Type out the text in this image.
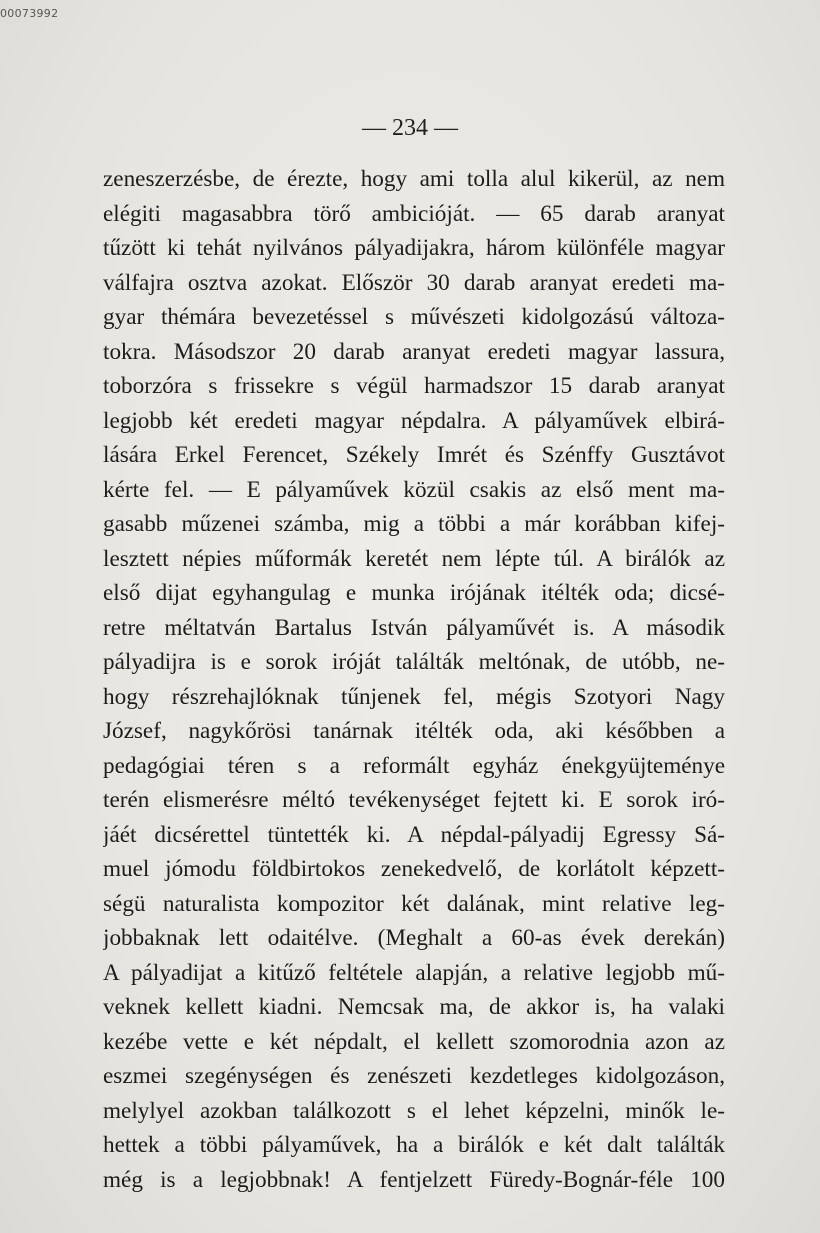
00073992
— 234 —
zeneszerzésbe, de érezte, hogy ami tolla alul kikerül, az nem
elégiti magasabbra törő ambicióját. — 65 darab aranyat
tűzött ki tehát nyilvános pályadijakra, három különféle magyar
válfajra osztva azokat. Először 30 darab aranyat eredeti ma-
gyar thémára bevezetéssel s művészeti kidolgozású változa-
tokra. Másodszor 20 darab aranyat eredeti magyar lassura,
toborzóra s frissekre s végül harmadszor 15 darab aranyat
legjobb két eredeti magyar népdalra. A pályaművek elbirá-
lására Erkel Ferencet, Székely Imrét és Szénffy Gusztávot
kérte fel. — E pályaművek közül csakis az első ment ma-
gasabb műzenei számba, mig a többi a már korábban kifej-
lesztett népies műformák keretét nem lépte túl. A birálók az
első dijat egyhangulag e munka irójának itélték oda; dicsé-
retre méltatván Bartalus István pályaművét is. A második
pályadijra is e sorok iróját találták meltónak, de utóbb, ne-
hogy részrehajlóknak tűnjenek fel, mégis Szotyori Nagy
József, nagykőrösi tanárnak itélték oda, aki későbben a
pedagógiai téren s a reformált egyház énekgyüjteménye
terén elismerésre méltó tevékenységet fejtett ki. E sorok iró-
jáét dicsérettel tüntették ki. A népdal-pályadij Egressy Sá-
muel jómodu földbirtokos zenekedvelő, de korlátolt képzett-
ségü naturalista kompozitor két dalának, mint relative leg-
jobbaknak lett odaitélve. (Meghalt a 60-as évek derekán)
A pályadijat a kitűző feltétele alapján, a relative legjobb mű-
veknek kellett kiadni. Nemcsak ma, de akkor is, ha valaki
kezébe vette e két népdalt, el kellett szomorodnia azon az
eszmei szegénységen és zenészeti kezdetleges kidolgozáson,
melylyel azokban találkozott s el lehet képzelni, minők le-
hettek a többi pályaművek, ha a birálók e két dalt találták
még is a legjobbnak! A fentjelzett Füredy-Bognár-féle 100
